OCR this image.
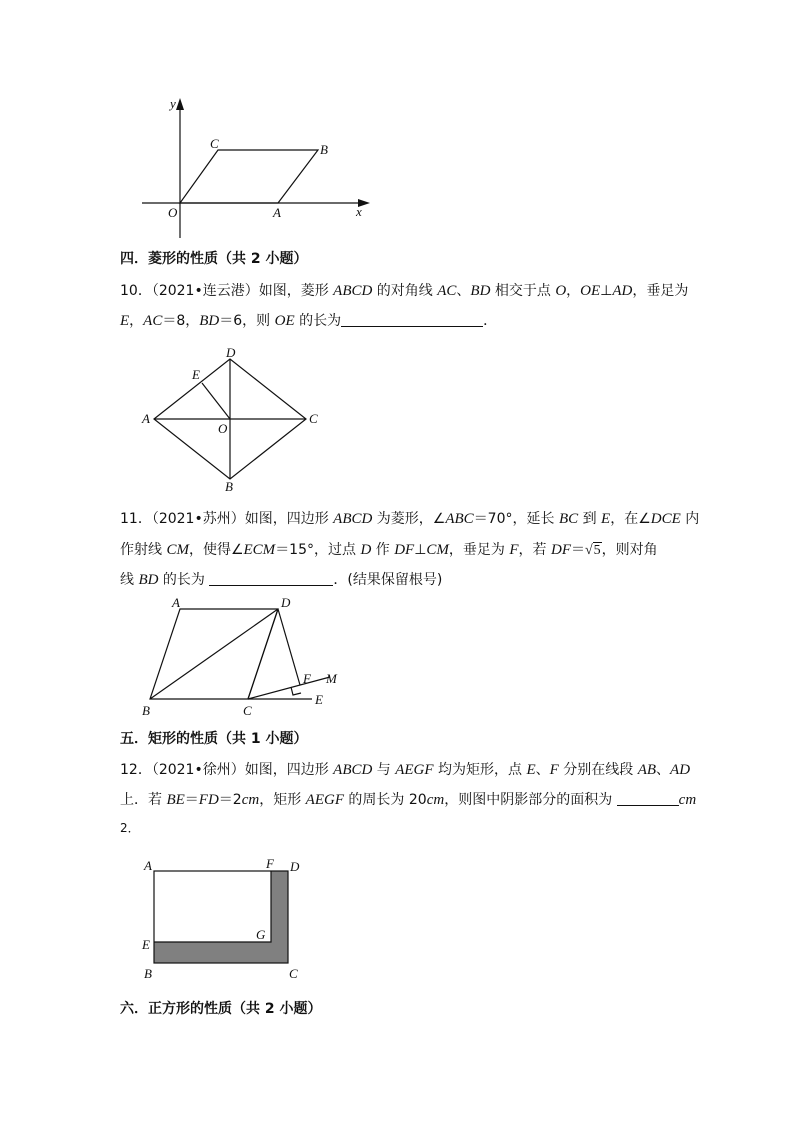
y
x
O	A
B
C
四．菱形的性质（共 2 小题）
10．（2021•连云港）如图，菱形 ABCD 的对角线 AC、BD 相交于点 O，OE⊥AD，垂足为
E，AC＝8，BD＝6，则 OE 的长为	．
A
D
C
B
E
O
11．（2021•苏州）如图，四边形 ABCD 为菱形，∠ABC＝70°，延长 BC 到 E，在∠DCE 内
作射线 CM，使得∠ECM＝15°，过点 D 作 DF⊥CM，垂足为 F，若 DF＝√5，则对角
线 BD 的长为	．(结果保留根号)
A	D
B	C
E
F M
五．矩形的性质（共 1 小题）
12．（2021•徐州）如图，四边形 ABCD 与 AEGF 均为矩形，点 E、F 分别在线段 AB、AD
上．若 BE＝FD＝2cm，矩形 AEGF 的周长为 20cm，则图中阴影部分的面积为	cm
2．
A	F D
G
E
B	C
六．正方形的性质（共 2 小题）
